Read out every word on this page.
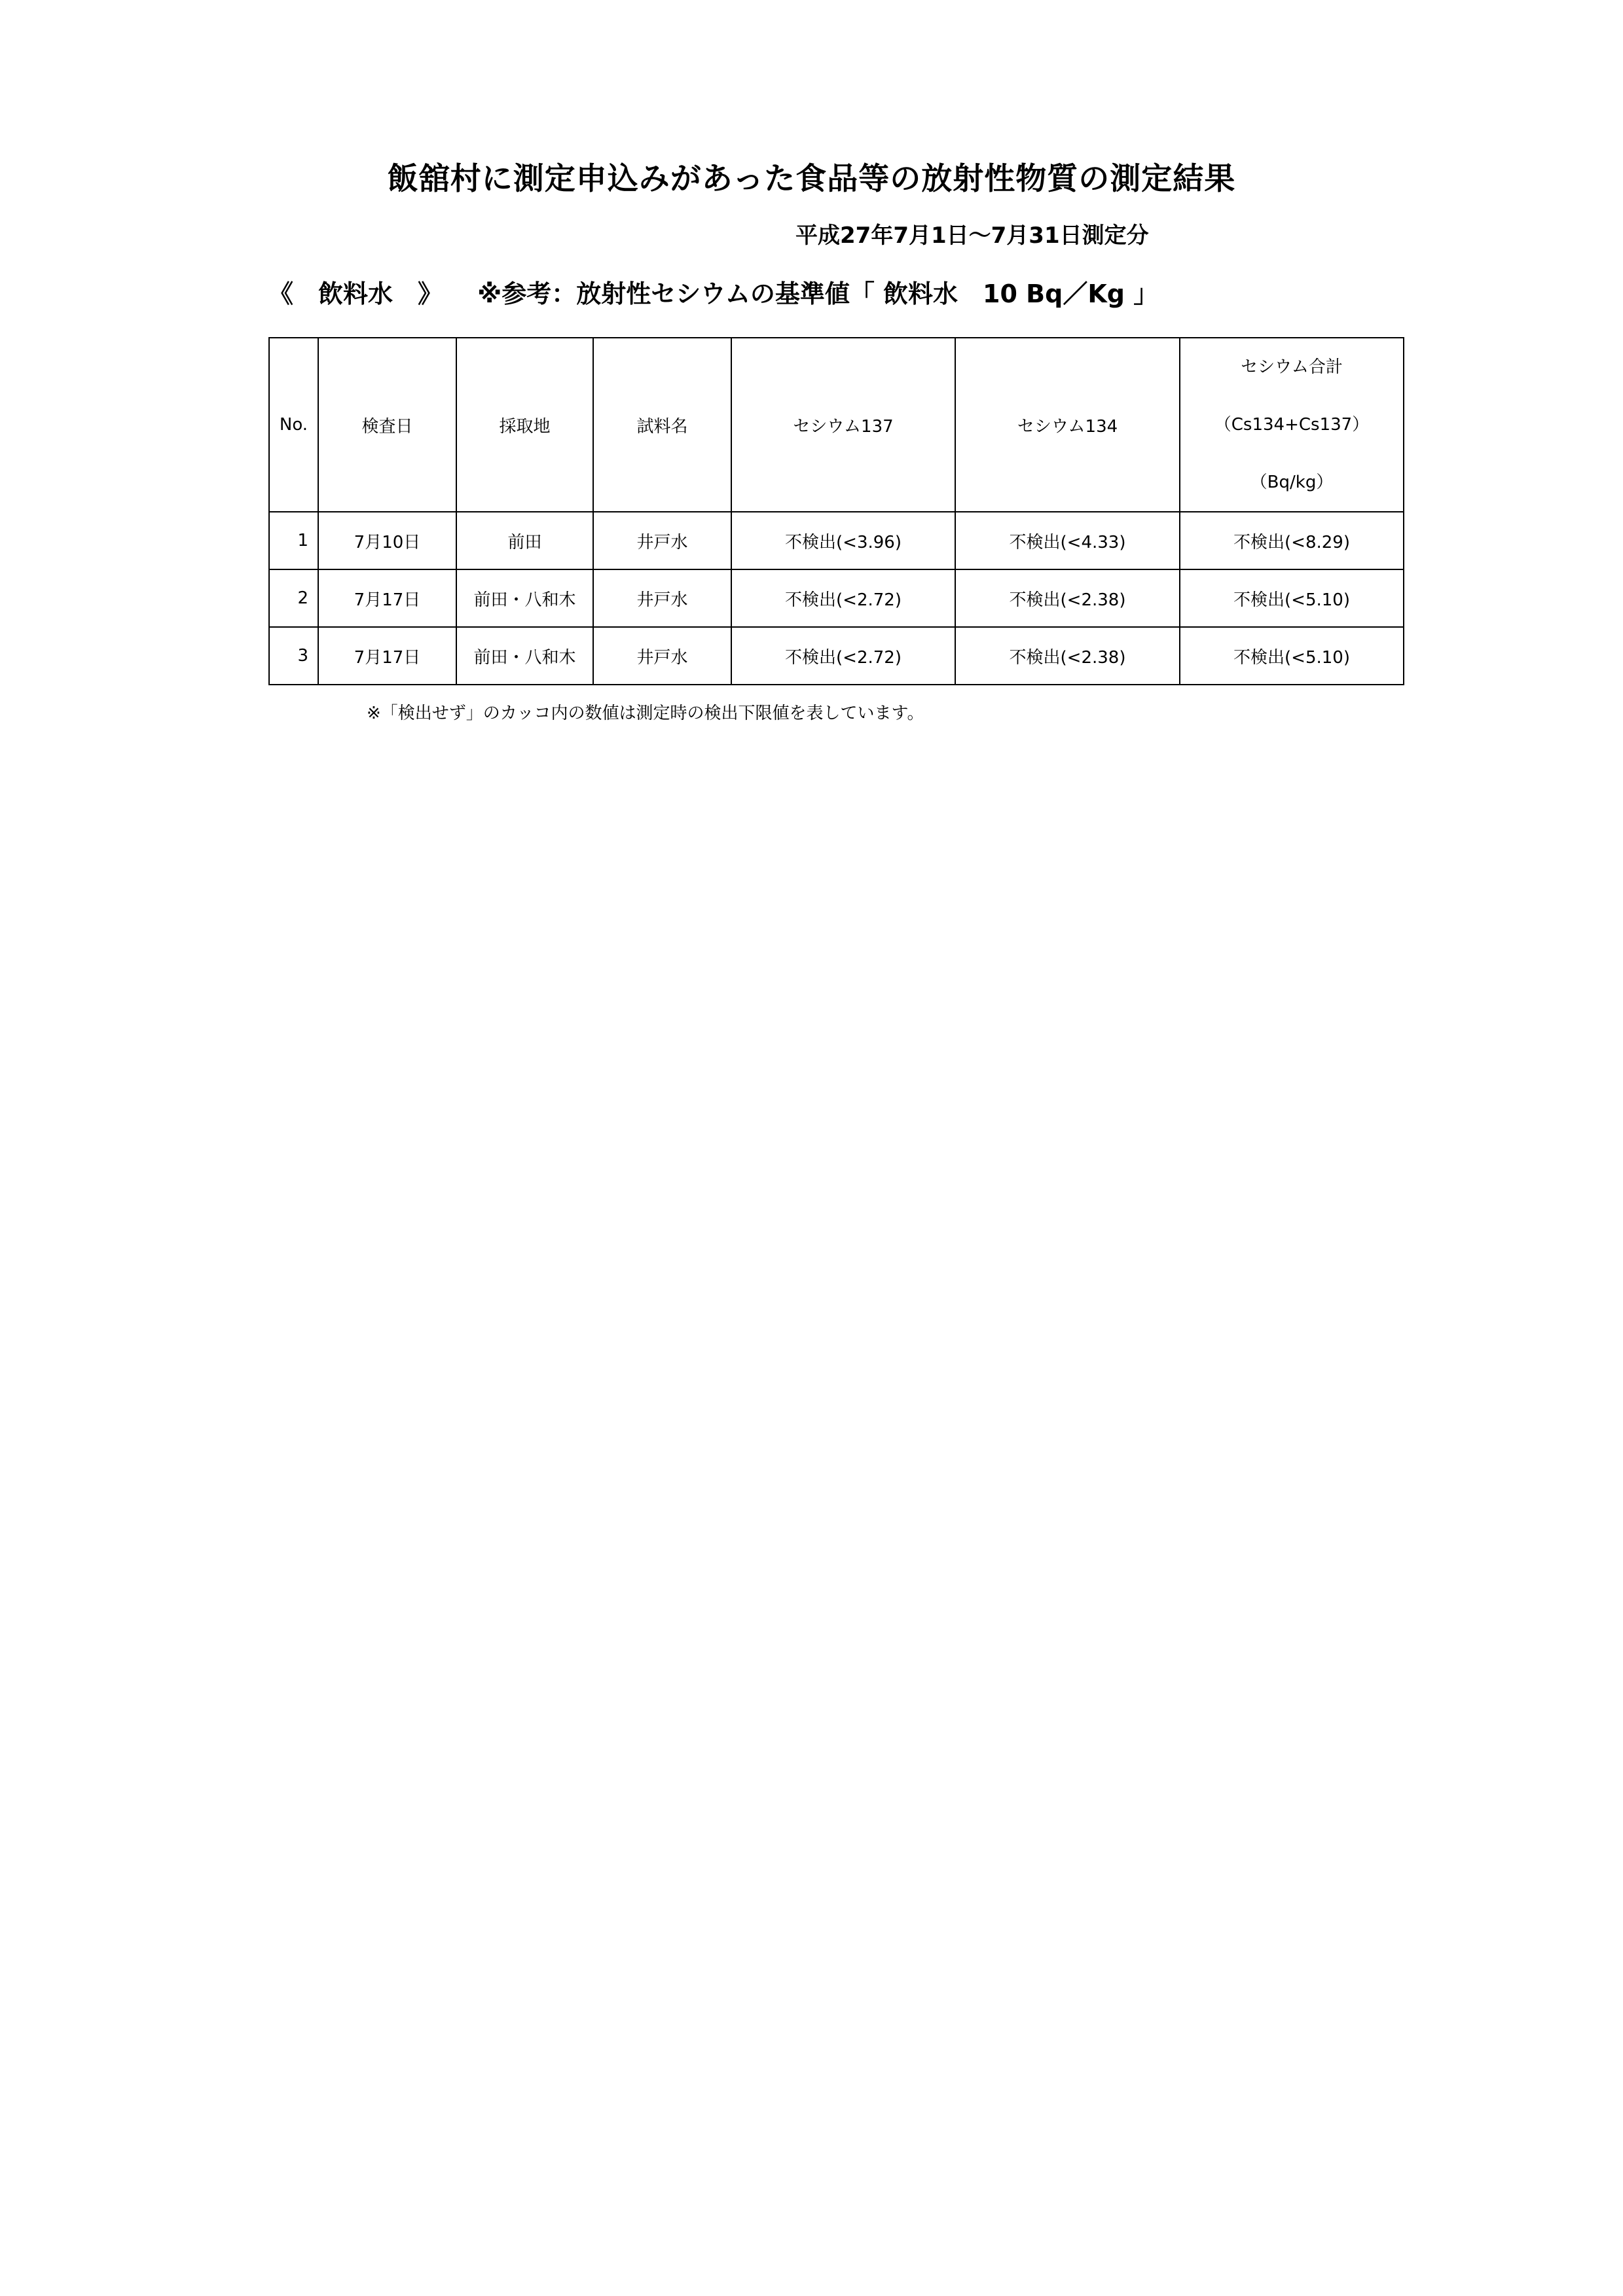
飯舘村に測定申込みがあった食品等の放射性物質の測定結果
平成27年7月1日～7月31日測定分
《　飲料水　》 ※参考：放射性セシウムの基準値「 飲料水　10 Bq／Kg 」
No.	検査日	採取地	試料名	セシウム137	セシウム134	セシウム合計
（Cs134+Cs137）
（Bq/kg）

1	7月10日	前田	井戸水	不検出(<3.96)	不検出(<4.33)	不検出(<8.29)
2	7月17日	前田・八和木	井戸水	不検出(<2.72)	不検出(<2.38)	不検出(<5.10)
3	7月17日	前田・八和木	井戸水	不検出(<2.72)	不検出(<2.38)	不検出(<5.10)
※「検出せず」のカッコ内の数値は測定時の検出下限値を表しています。
